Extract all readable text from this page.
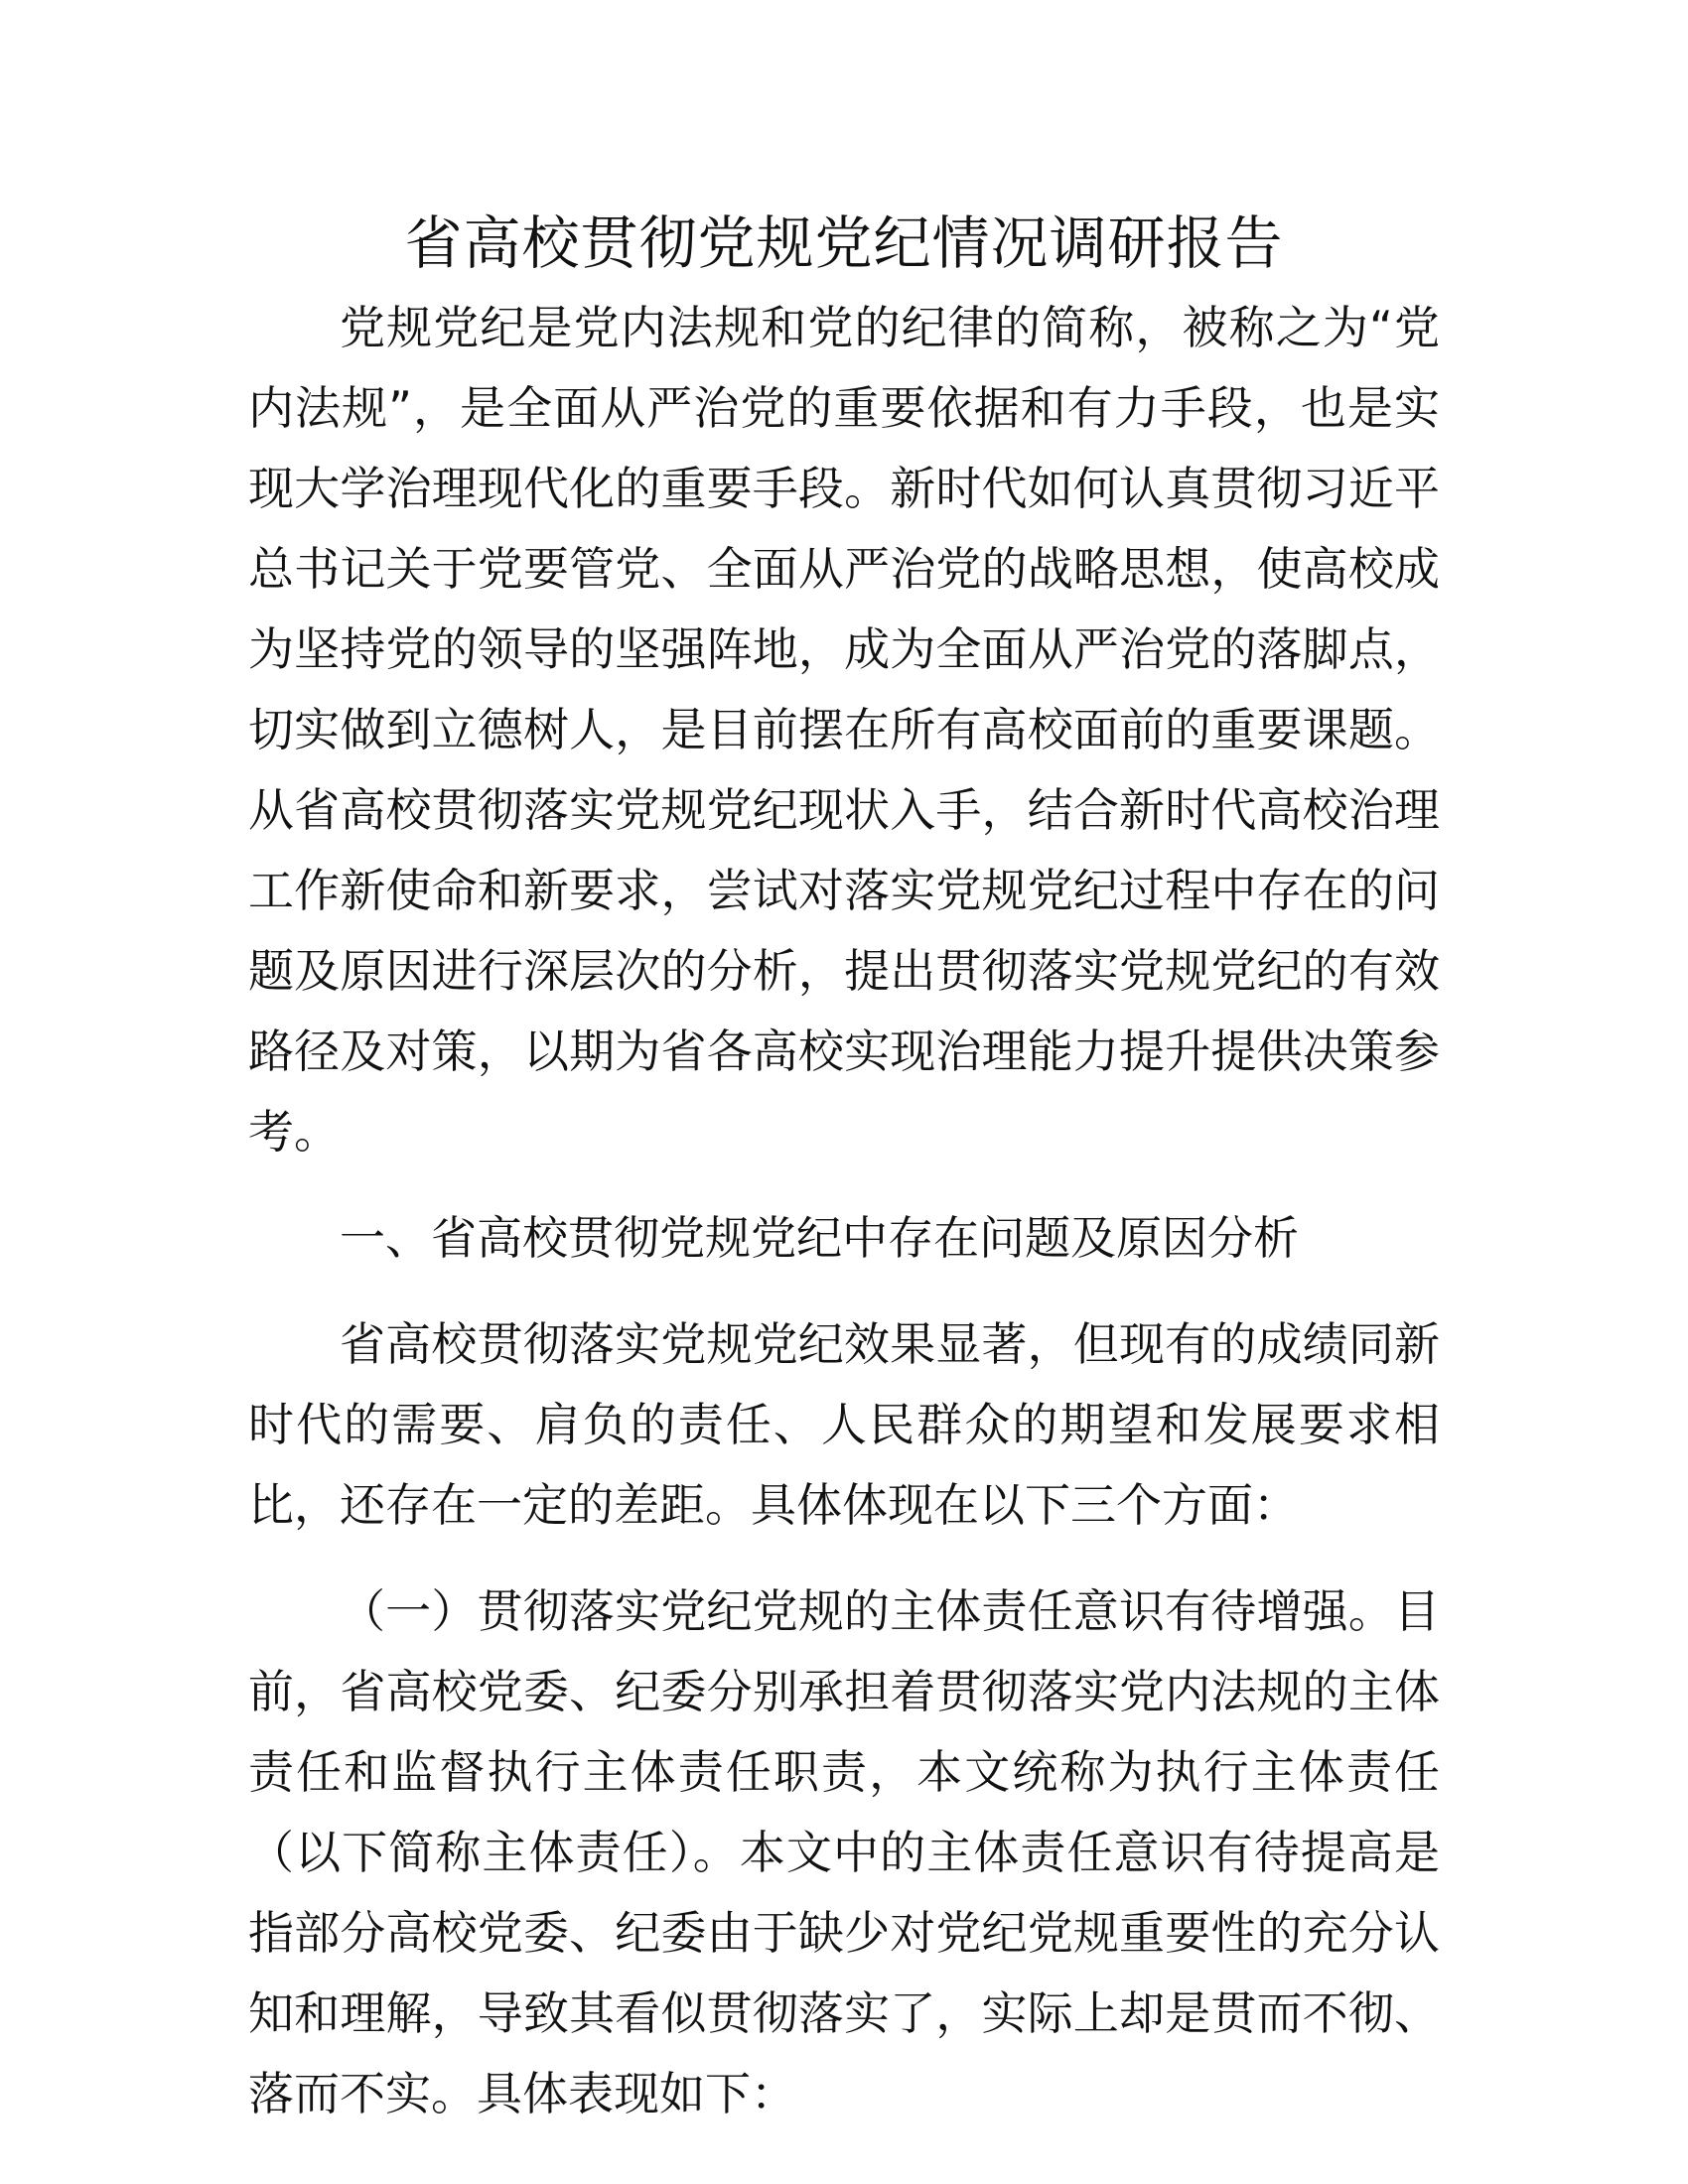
省高校贯彻党规党纪情况调研报告

党规党纪是党内法规和党的纪律的简称，被称之为“党内法规”，是全面从严治党的重要依据和有力手段，也是实现大学治理现代化的重要手段。新时代如何认真贯彻习近平总书记关于党要管党、全面从严治党的战略思想，使高校成为坚持党的领导的坚强阵地，成为全面从严治党的落脚点，切实做到立德树人，是目前摆在所有高校面前的重要课题。从省高校贯彻落实党规党纪现状入手，结合新时代高校治理工作新使命和新要求，尝试对落实党规党纪过程中存在的问题及原因进行深层次的分析，提出贯彻落实党规党纪的有效路径及对策，以期为省各高校实现治理能力提升提供决策参考。

一、省高校贯彻党规党纪中存在问题及原因分析

省高校贯彻落实党规党纪效果显著，但现有的成绩同新时代的需要、肩负的责任、人民群众的期望和发展要求相比，还存在一定的差距。具体体现在以下三个方面：

（一）贯彻落实党纪党规的主体责任意识有待增强。目前，省高校党委、纪委分别承担着贯彻落实党内法规的主体责任和监督执行主体责任职责，本文统称为执行主体责任（以下简称主体责任）。本文中的主体责任意识有待提高是指部分高校党委、纪委由于缺少对党纪党规重要性的充分认知和理解，导致其看似贯彻落实了，实际上却是贯而不彻、落而不实。具体表现如下：
